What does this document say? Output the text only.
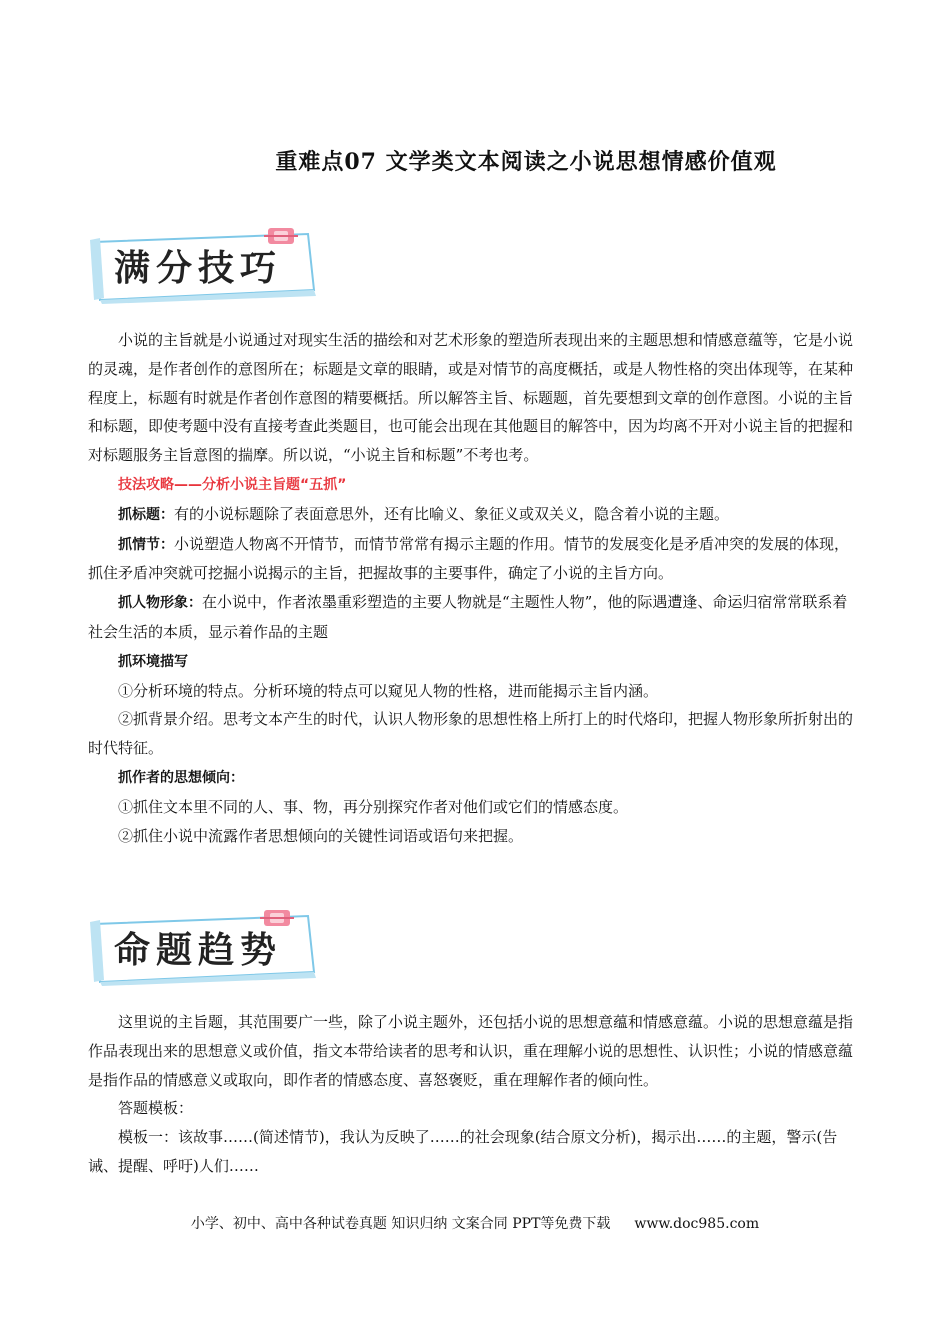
重难点07 文学类文本阅读之小说思想情感价值观
满分技巧

小说的主旨就是小说通过对现实生活的描绘和对艺术形象的塑造所表现出来的主题思想和情感意蕴等，它是小说的灵魂，是作者创作的意图所在；标题是文章的眼睛，或是对情节的高度概括，或是人物性格的突出体现等，在某种程度上，标题有时就是作者创作意图的精要概括。所以解答主旨、标题题，首先要想到文章的创作意图。小说的主旨和标题，即使考题中没有直接考查此类题目，也可能会出现在其他题目的解答中，因为均离不开对小说主旨的把握和对标题服务主旨意图的揣摩。所以说，“小说主旨和标题”不考也考。

技法攻略——分析小说主旨题“五抓”

抓标题：有的小说标题除了表面意思外，还有比喻义、象征义或双关义，隐含着小说的主题。

抓情节：小说塑造人物离不开情节，而情节常常有揭示主题的作用。情节的发展变化是矛盾冲突的发展的体现，抓住矛盾冲突就可挖掘小说揭示的主旨，把握故事的主要事件，确定了小说的主旨方向。

抓人物形象：在小说中，作者浓墨重彩塑造的主要人物就是“主题性人物”，他的际遇遭逢、命运归宿常常联系着社会生活的本质，显示着作品的主题

抓环境描写

①分析环境的特点。分析环境的特点可以窥见人物的性格，进而能揭示主旨内涵。

②抓背景介绍。思考文本产生的时代，认识人物形象的思想性格上所打上的时代烙印，把握人物形象所折射出的时代特征。

抓作者的思想倾向：

①抓住文本里不同的人、事、物，再分别探究作者对他们或它们的情感态度。

②抓住小说中流露作者思想倾向的关键性词语或语句来把握。

命题趋势

这里说的主旨题，其范围要广一些，除了小说主题外，还包括小说的思想意蕴和情感意蕴。小说的思想意蕴是指作品表现出来的思想意义或价值，指文本带给读者的思考和认识，重在理解小说的思想性、认识性；小说的情感意蕴是指作品的情感意义或取向，即作者的情感态度、喜怒褒贬，重在理解作者的倾向性。

答题模板：

模板一：该故事……(简述情节)，我认为反映了……的社会现象(结合原文分析)，揭示出……的主题，警示(告诫、提醒、呼吁)人们……

小学、初中、高中各种试卷真题 知识归纳 文案合同 PPT等免费下载 www.doc985.com
